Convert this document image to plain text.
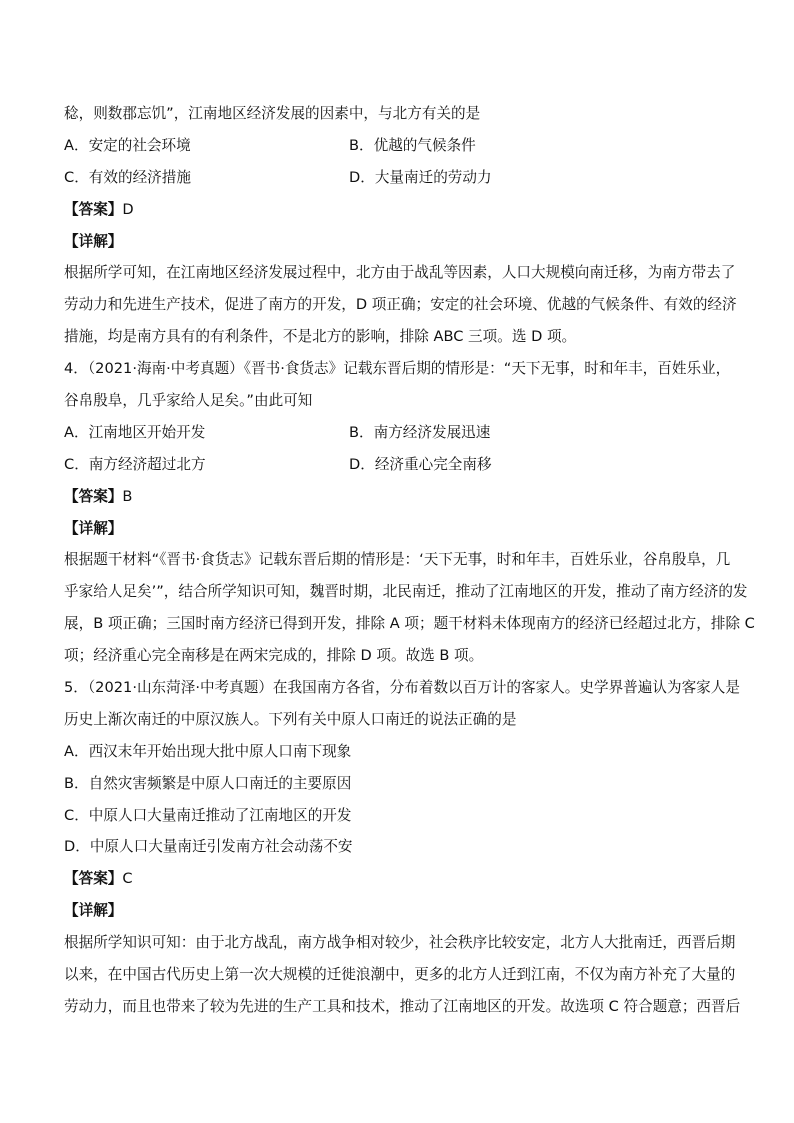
稔，则数郡忘饥”，江南地区经济发展的因素中，与北方有关的是
A．安定的社会环境	B．优越的气候条件
C．有效的经济措施	D．大量南迁的劳动力
【答案】D
【详解】
根据所学可知，在江南地区经济发展过程中，北方由于战乱等因素，人口大规模向南迁移，为南方带去了
劳动力和先进生产技术，促进了南方的开发，D 项正确；安定的社会环境、优越的气候条件、有效的经济
措施，均是南方具有的有利条件，不是北方的影响，排除 ABC 三项。选 D 项。
4．（2021·海南·中考真题）《晋书·食货志》记载东晋后期的情形是：“天下无事，时和年丰，百姓乐业，
谷帛殷阜，几乎家给人足矣。”由此可知
A．江南地区开始开发	B．南方经济发展迅速
C．南方经济超过北方	D．经济重心完全南移
【答案】B
【详解】
根据题干材料“《晋书·食货志》记载东晋后期的情形是：‘天下无事，时和年丰，百姓乐业，谷帛殷阜，几
乎家给人足矣’”，结合所学知识可知，魏晋时期，北民南迁，推动了江南地区的开发，推动了南方经济的发
展，B 项正确；三国时南方经济已得到开发，排除 A 项；题干材料未体现南方的经济已经超过北方，排除 C
项；经济重心完全南移是在两宋完成的，排除 D 项。故选 B 项。
5．（2021·山东菏泽·中考真题）在我国南方各省，分布着数以百万计的客家人。史学界普遍认为客家人是
历史上渐次南迁的中原汉族人。下列有关中原人口南迁的说法正确的是
A．西汉末年开始出现大批中原人口南下现象
B．自然灾害频繁是中原人口南迁的主要原因
C．中原人口大量南迁推动了江南地区的开发
D．中原人口大量南迁引发南方社会动荡不安
【答案】C
【详解】
根据所学知识可知：由于北方战乱，南方战争相对较少，社会秩序比较安定，北方人大批南迁，西晋后期
以来，在中国古代历史上第一次大规模的迁徙浪潮中，更多的北方人迁到江南，不仅为南方补充了大量的
劳动力，而且也带来了较为先进的生产工具和技术，推动了江南地区的开发。故选项 C 符合题意；西晋后
